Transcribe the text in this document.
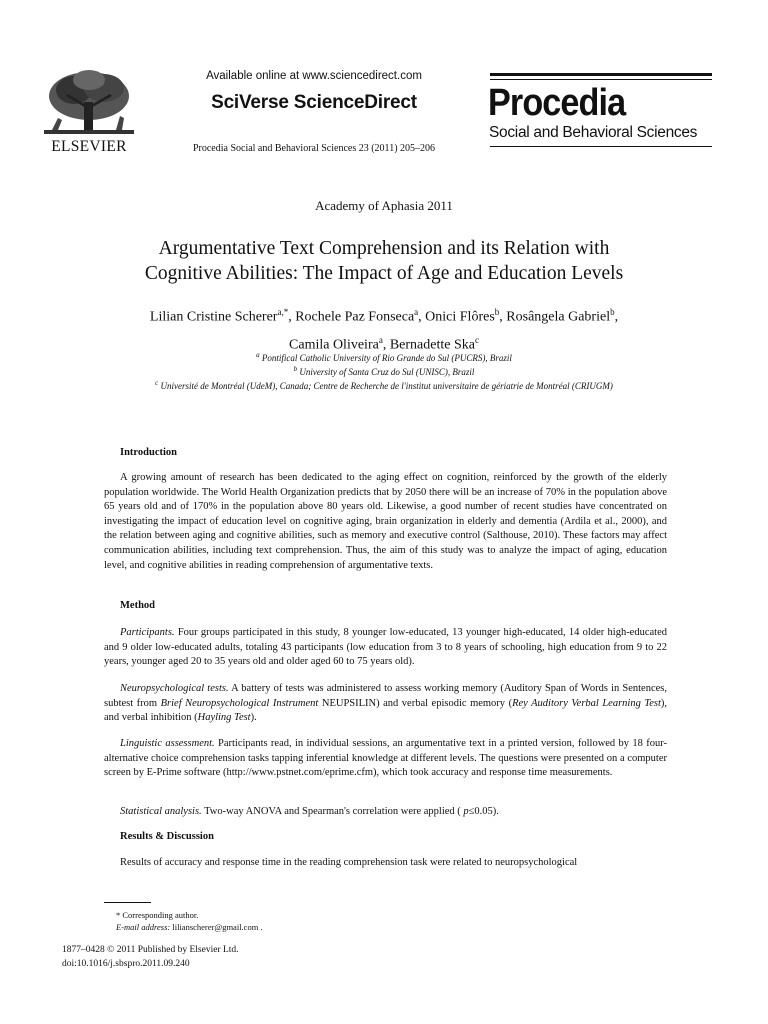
ELSEVIER
Available online at www.sciencedirect.com
SciVerse ScienceDirect
Procedia Social and Behavioral Sciences 23 (2011) 205–206
Procedia
Social and Behavioral Sciences
Academy of Aphasia 2011
Argumentative Text Comprehension and its Relation with
Cognitive Abilities: The Impact of Age and Education Levels
Lilian Cristine Scherer$^{a,*}$, Rochele Paz Fonseca$^a$, Onici Flôres$^b$, Rosângela Gabriel$^b$,
Camila Oliveira$^a$, Bernadette Ska$^c$
$^a$ Pontifical Catholic University of Rio Grande do Sul (PUCRS), Brazil
$^b$ University of Santa Cruz do Sul (UNISC), Brazil
$^c$ Université de Montréal (UdeM), Canada; Centre de Recherche de l'institut universitaire de gériatrie de Montréal (CRIUGM)
Introduction
A growing amount of research has been dedicated to the aging effect on cognition, reinforced by the growth of the elderly population worldwide. The World Health Organization predicts that by 2050 there will be an increase of 70% in the population above 65 years old and of 170% in the population above 80 years old. Likewise, a good number of recent studies have concentrated on investigating the impact of education level on cognitive aging, brain organization in elderly and dementia (Ardila et al., 2000), and the relation between aging and cognitive abilities, such as memory and executive control (Salthouse, 2010). These factors may affect communication abilities, including text comprehension. Thus, the aim of this study was to analyze the impact of aging, education level, and cognitive abilities in reading comprehension of argumentative texts.
Method
Participants. Four groups participated in this study, 8 younger low-educated, 13 younger high-educated, 14 older high-educated and 9 older low-educated adults, totaling 43 participants (low education from 3 to 8 years of schooling, high education from 9 to 22 years, younger aged 20 to 35 years old and older aged 60 to 75 years old).
Neuropsychological tests. A battery of tests was administered to assess working memory (Auditory Span of Words in Sentences, subtest from Brief Neuropsychological Instrument NEUPSILIN) and verbal episodic memory (Rey Auditory Verbal Learning Test), and verbal inhibition (Hayling Test).
Linguistic assessment. Participants read, in individual sessions, an argumentative text in a printed version, followed by 18 four-alternative choice comprehension tasks tapping inferential knowledge at different levels. The questions were presented on a computer screen by E-Prime software (http://www.pstnet.com/eprime.cfm), which took accuracy and response time measurements.
Statistical analysis. Two-way ANOVA and Spearman's correlation were applied ( p≤0.05).
Results & Discussion
Results of accuracy and response time in the reading comprehension task were related to neuropsychological
* Corresponding author.
E-mail address: lilianscherer@gmail.com .
1877–0428 © 2011 Published by Elsevier Ltd.
doi:10.1016/j.sbspro.2011.09.240
